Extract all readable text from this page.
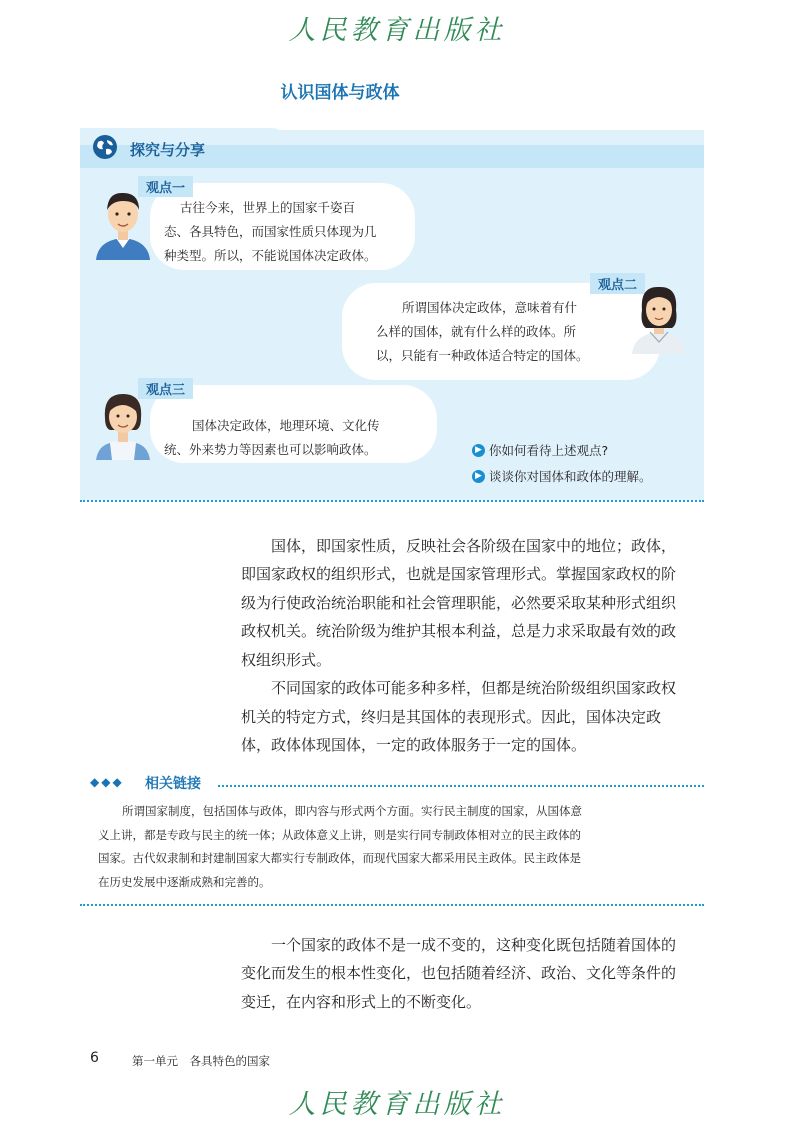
人民教育出版社
认识国体与政体
探究与分享
观点一
古往今来，世界上的国家千姿百
态、各具特色，而国家性质只体现为几
种类型。所以，不能说国体决定政体。
观点二
所谓国体决定政体，意味着有什
么样的国体，就有什么样的政体。所
以，只能有一种政体适合特定的国体。
观点三
国体决定政体，地理环境、文化传
统、外来势力等因素也可以影响政体。	▶ 你如何看待上述观点?
▶ 谈谈你对国体和政体的理解。
国体，即国家性质，反映社会各阶级在国家中的地位；政体，
即国家政权的组织形式，也就是国家管理形式。掌握国家政权的阶
级为行使政治统治职能和社会管理职能，必然要采取某种形式组织
政权机关。统治阶级为维护其根本利益，总是力求采取最有效的政
权组织形式。
不同国家的政体可能多种多样，但都是统治阶级组织国家政权
机关的特定方式，终归是其国体的表现形式。因此，国体决定政
体，政体体现国体，一定的政体服务于一定的国体。
◆◆◆ 相关链接
所谓国家制度，包括国体与政体，即内容与形式两个方面。实行民主制度的国家，从国体意
义上讲，都是专政与民主的统一体；从政体意义上讲，则是实行同专制政体相对立的民主政体的
国家。古代奴隶制和封建制国家大都实行专制政体，而现代国家大都采用民主政体。民主政体是
在历史发展中逐渐成熟和完善的。
一个国家的政体不是一成不变的，这种变化既包括随着国体的
变化而发生的根本性变化，也包括随着经济、政治、文化等条件的
变迁，在内容和形式上的不断变化。
6	第一单元　各具特色的国家
人民教育出版社
